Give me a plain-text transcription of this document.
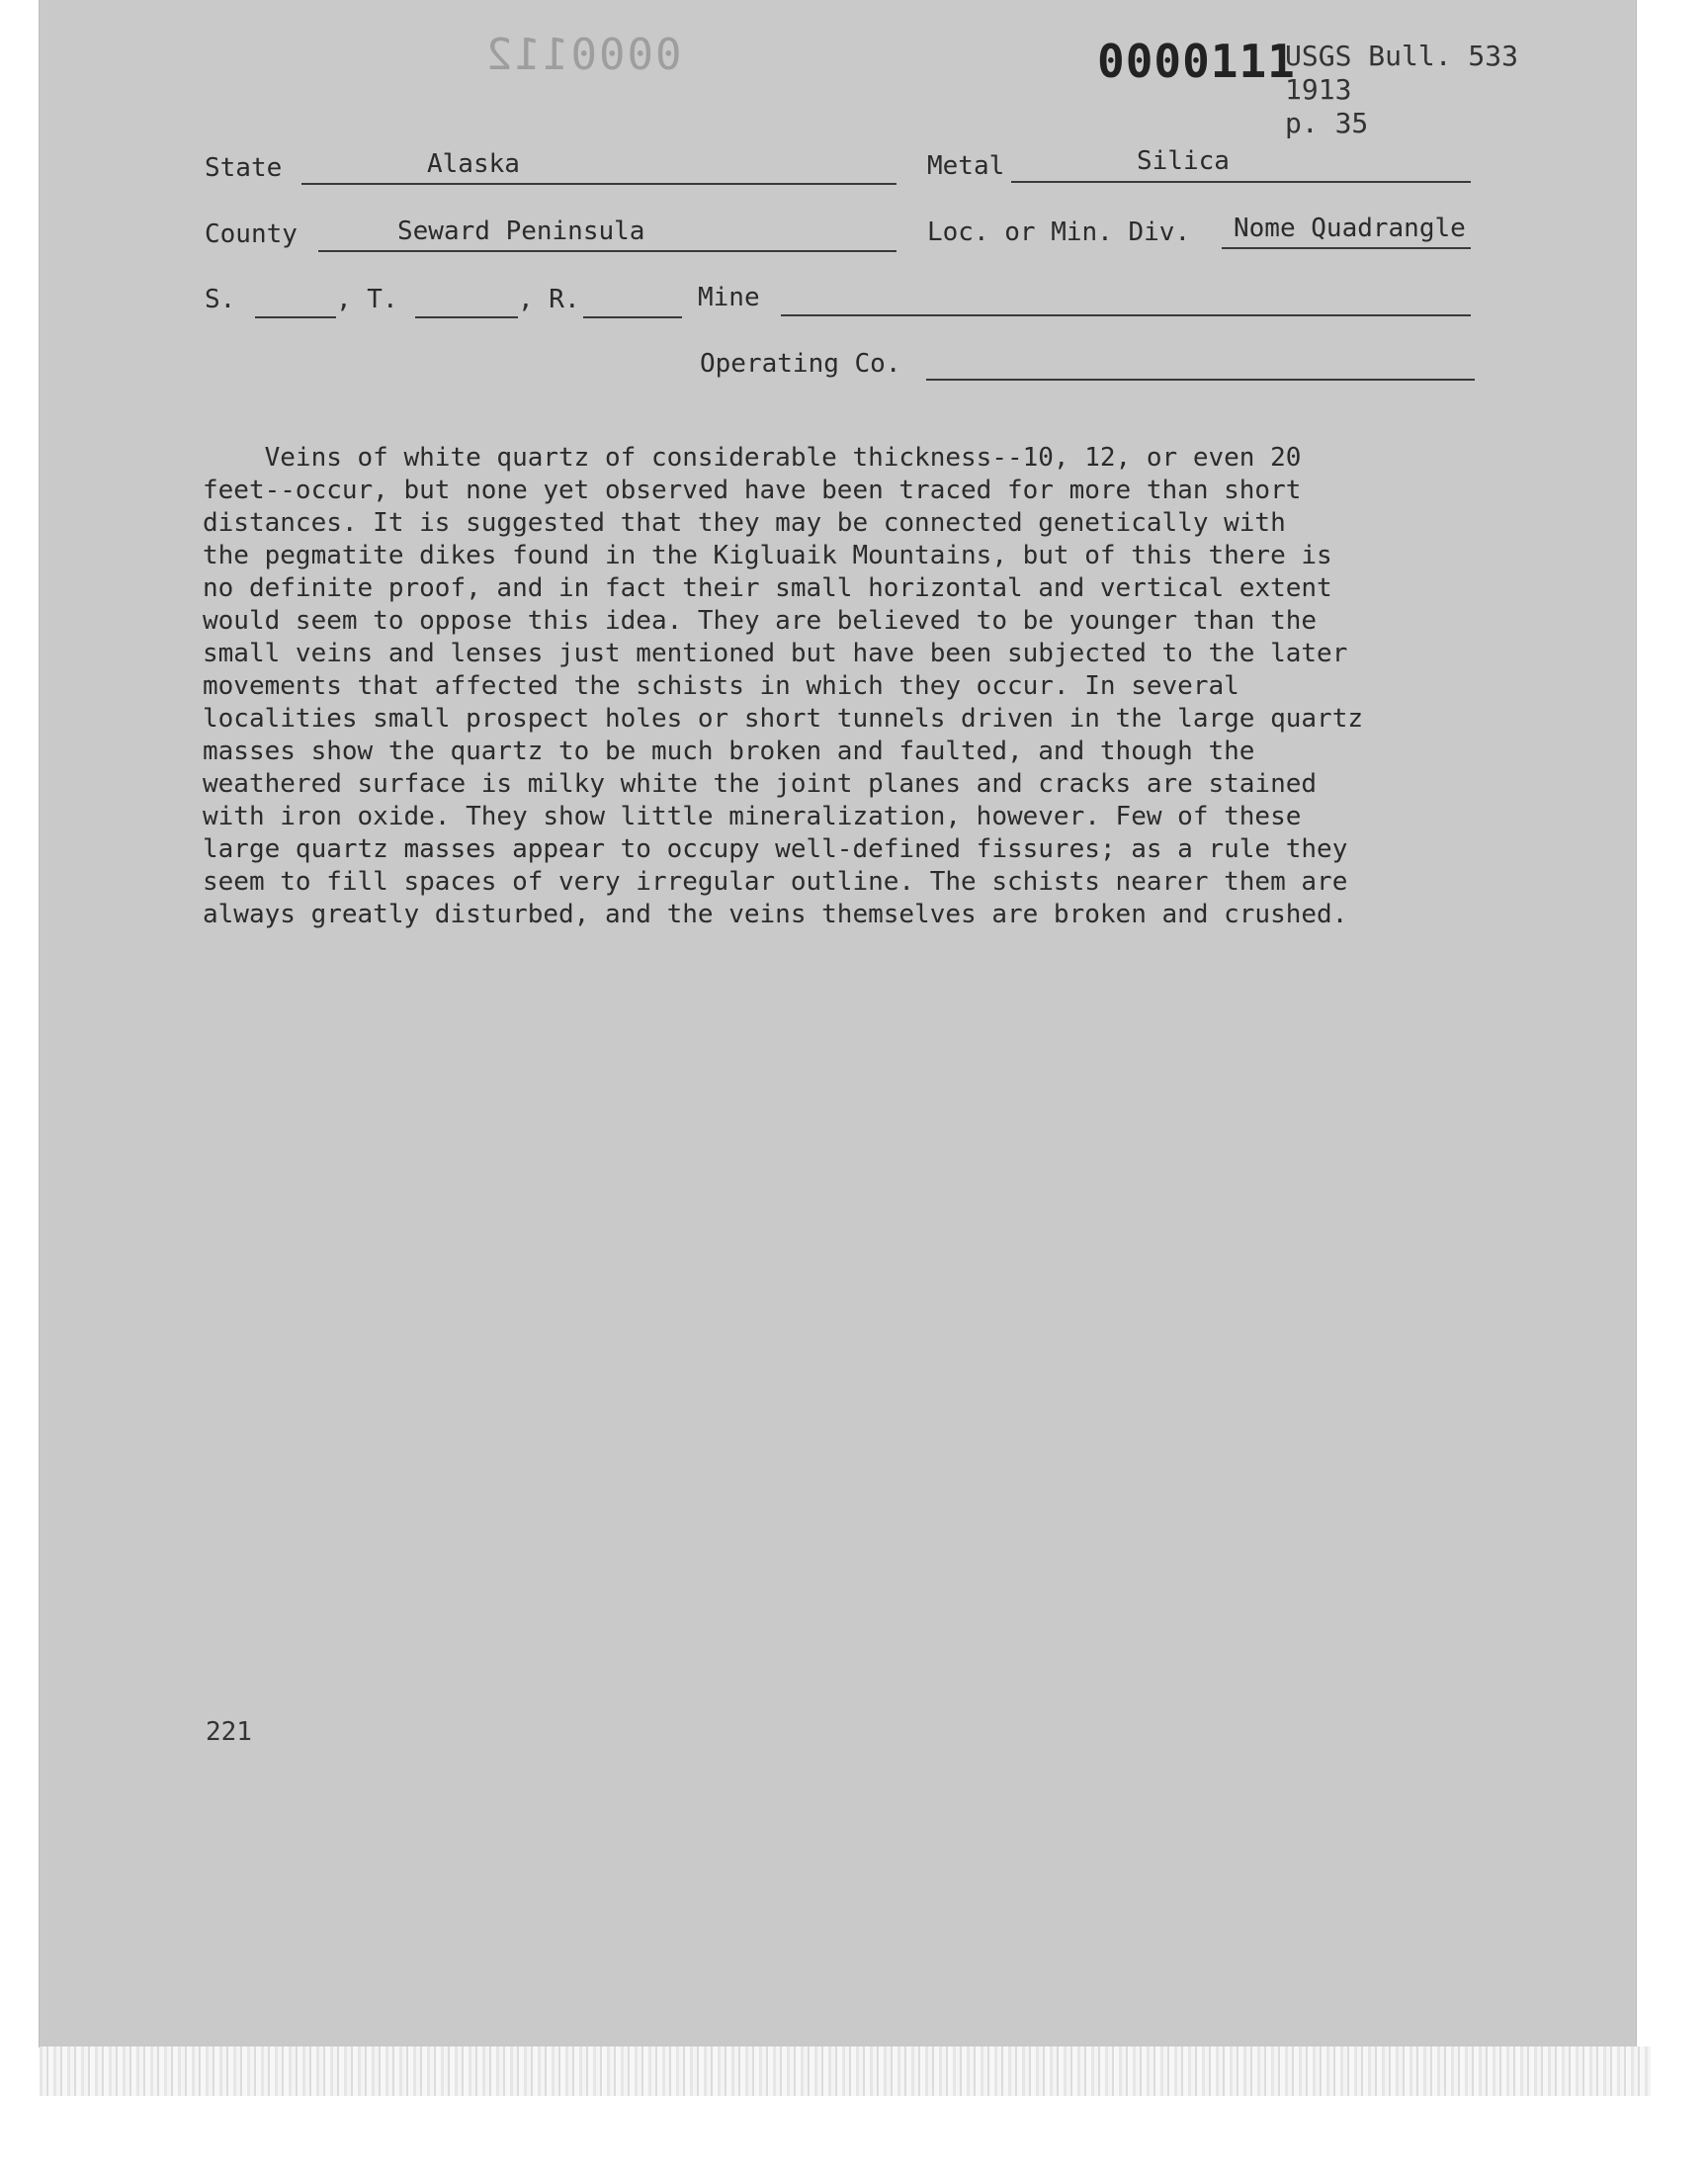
0000112	0000111
USGS Bull. 533
1913
p. 35
State	Alaska	Metal	Silica
County	Seward Peninsula	Loc. or Min. Div. Nome Quadrangle
S.	, T.	, R.	Mine
Operating Co.
Veins of white quartz of considerable thickness--10, 12, or even 20
feet--occur, but none yet observed have been traced for more than short
distances. It is suggested that they may be connected genetically with
the pegmatite dikes found in the Kigluaik Mountains, but of this there is
no definite proof, and in fact their small horizontal and vertical extent
would seem to oppose this idea. They are believed to be younger than the
small veins and lenses just mentioned but have been subjected to the later
movements that affected the schists in which they occur. In several
localities small prospect holes or short tunnels driven in the large quartz
masses show the quartz to be much broken and faulted, and though the
weathered surface is milky white the joint planes and cracks are stained
with iron oxide. They show little mineralization, however. Few of these
large quartz masses appear to occupy well-defined fissures; as a rule they
seem to fill spaces of very irregular outline. The schists nearer them are
always greatly disturbed, and the veins themselves are broken and crushed.
221
